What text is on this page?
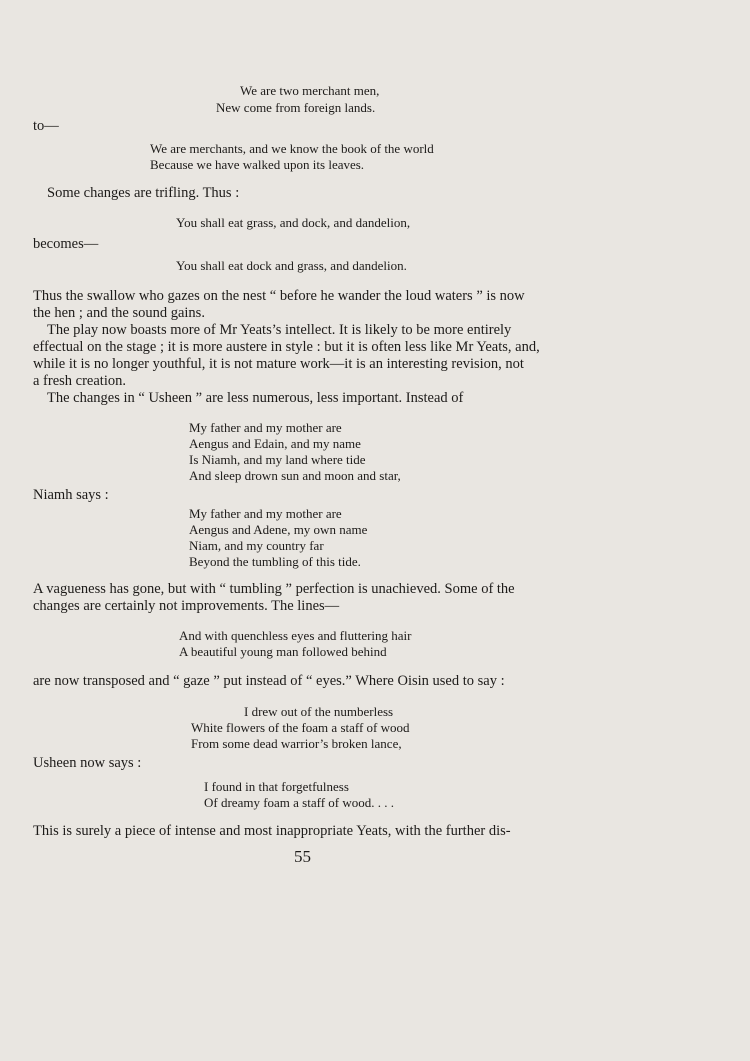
We are two merchant men,
New come from foreign lands.
to—
We are merchants, and we know the book of the world
Because we have walked upon its leaves.
Some changes are trifling. Thus :
You shall eat grass, and dock, and dandelion,
becomes—
You shall eat dock and grass, and dandelion.
Thus the swallow who gazes on the nest “ before he wander the loud waters ” is now
the hen ; and the sound gains.
The play now boasts more of Mr Yeats’s intellect. It is likely to be more entirely
effectual on the stage ; it is more austere in style : but it is often less like Mr Yeats, and,
while it is no longer youthful, it is not mature work—it is an interesting revision, not
a fresh creation.
The changes in “ Usheen ” are less numerous, less important. Instead of
My father and my mother are
Aengus and Edain, and my name
Is Niamh, and my land where tide
And sleep drown sun and moon and star,
Niamh says :
My father and my mother are
Aengus and Adene, my own name
Niam, and my country far
Beyond the tumbling of this tide.
A vagueness has gone, but with “ tumbling ” perfection is unachieved. Some of the
changes are certainly not improvements. The lines—
And with quenchless eyes and fluttering hair
A beautiful young man followed behind
are now transposed and “ gaze ” put instead of “ eyes.” Where Oisin used to say :
I drew out of the numberless
White flowers of the foam a staff of wood
From some dead warrior’s broken lance,
Usheen now says :
I found in that forgetfulness
Of dreamy foam a staff of wood. . . .
This is surely a piece of intense and most inappropriate Yeats, with the further dis-
55
